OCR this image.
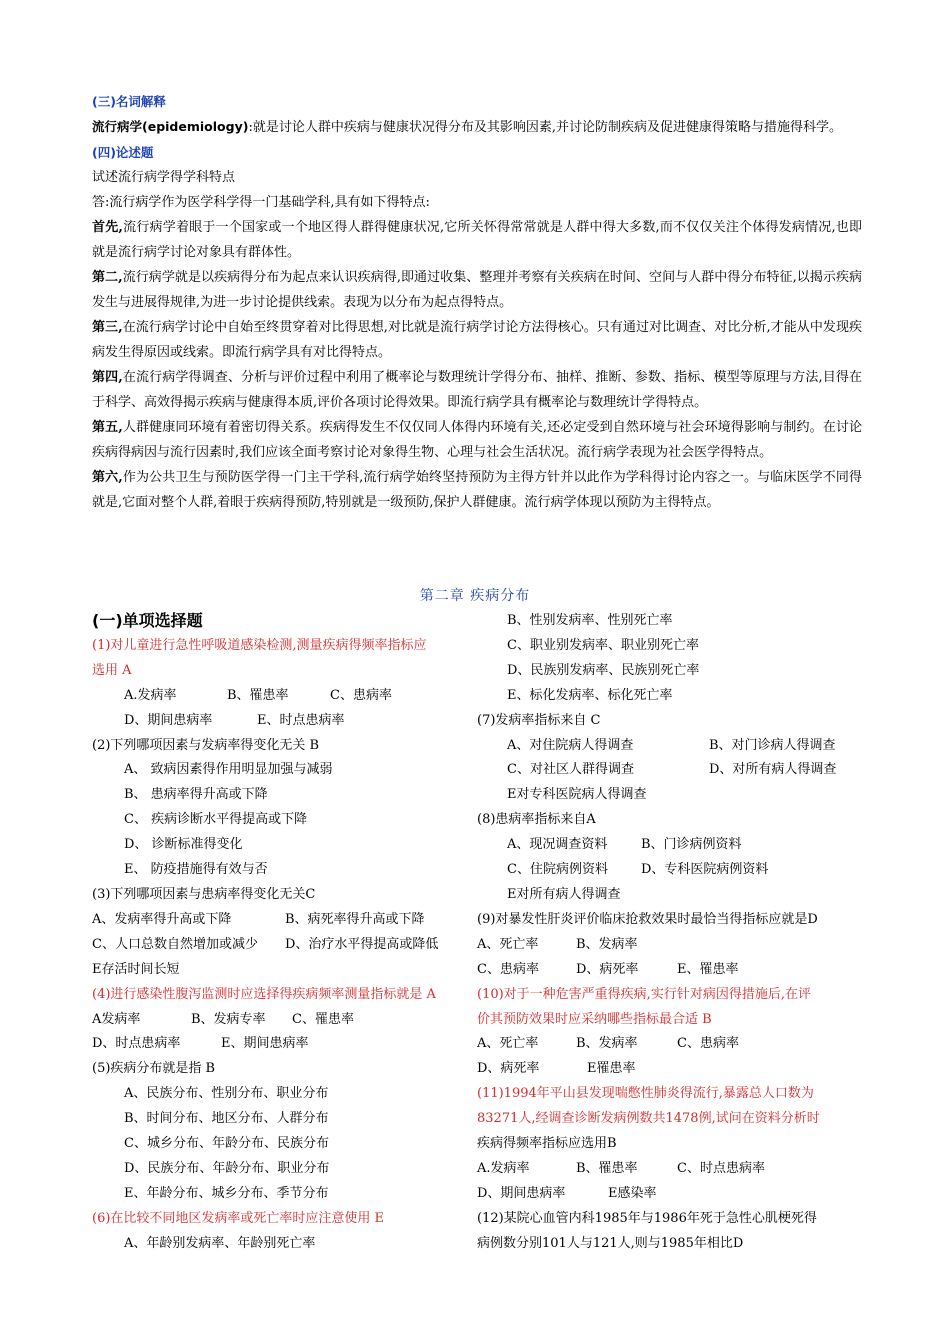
(三)名词解释

流行病学(epidemiology):就是讨论人群中疾病与健康状况得分布及其影响因素,并讨论防制疾病及促进健康得策略与措施得科学。

(四)论述题

试述流行病学得学科特点

答:流行病学作为医学科学得一门基础学科,具有如下得特点:

首先,流行病学着眼于一个国家或一个地区得人群得健康状况,它所关怀得常常就是人群中得大多数,而不仅仅关注个体得发病情况,也即就是流行病学讨论对象具有群体性。

第二,流行病学就是以疾病得分布为起点来认识疾病得,即通过收集、整理并考察有关疾病在时间、空间与人群中得分布特征,以揭示疾病发生与进展得规律,为进一步讨论提供线索。表现为以分布为起点得特点。

第三,在流行病学讨论中自始至终贯穿着对比得思想,对比就是流行病学讨论方法得核心。只有通过对比调查、对比分析,才能从中发现疾病发生得原因或线索。即流行病学具有对比得特点。

第四,在流行病学得调查、分析与评价过程中利用了概率论与数理统计学得分布、抽样、推断、参数、指标、模型等原理与方法,目得在于科学、高效得揭示疾病与健康得本质,评价各项讨论得效果。即流行病学具有概率论与数理统计学得特点。

第五,人群健康同环境有着密切得关系。疾病得发生不仅仅同人体得内环境有关,还必定受到自然环境与社会环境得影响与制约。在讨论疾病得病因与流行因素时,我们应该全面考察讨论对象得生物、心理与社会生活状况。流行病学表现为社会医学得特点。

第六,作为公共卫生与预防医学得一门主干学科,流行病学始终坚持预防为主得方针并以此作为学科得讨论内容之一。与临床医学不同得就是,它面对整个人群,着眼于疾病得预防,特别就是一级预防,保护人群健康。流行病学体现以预防为主得特点。

第二章 疾病分布
(一)单项选择题
(1)对儿童进行急性呼吸道感染检测,测量疾病得频率指标应
选用 A
A.发病率	B、罹患率	C、患病率
D、期间患病率	E、时点患病率
(2)下列哪项因素与发病率得变化无关 B
A、 致病因素得作用明显加强与减弱
B、 患病率得升高或下降
C、 疾病诊断水平得提高或下降
D、 诊断标准得变化
E、 防疫措施得有效与否
(3)下列哪项因素与患病率得变化无关C
A、发病率得升高或下降	B、病死率得升高或下降
C、人口总数自然增加或减少	D、治疗水平得提高或降低
E存活时间长短
(4)进行感染性腹泻监测时应选择得疾病频率测量指标就是 A
A发病率	B、发病专率	C、罹患率
D、时点患病率	E、期间患病率
(5)疾病分布就是指 B
A、民族分布、性别分布、职业分布
B、时间分布、地区分布、人群分布
C、城乡分布、年龄分布、民族分布
D、民族分布、年龄分布、职业分布
E、年龄分布、城乡分布、季节分布
(6)在比较不同地区发病率或死亡率时应注意使用 E
A、年龄别发病率、年龄别死亡率
B、性别发病率、性别死亡率
C、职业别发病率、职业别死亡率
D、民族别发病率、民族别死亡率
E、标化发病率、标化死亡率
(7)发病率指标来自 C
A、对住院病人得调查	B、对门诊病人得调查
C、对社区人群得调查	D、对所有病人得调查
E对专科医院病人得调查
(8)患病率指标来自A
A、现况调查资料	B、门诊病例资料
C、住院病例资料	D、专科医院病例资料
E对所有病人得调查
(9)对暴发性肝炎评价临床抢救效果时最恰当得指标应就是D
A、死亡率	B、发病率
C、患病率	D、病死率	E、罹患率
(10)对于一种危害严重得疾病,实行针对病因得措施后,在评
价其预防效果时应采纳哪些指标最合适 B
A、死亡率	B、发病率	C、患病率
D、病死率	E罹患率
(11)1994年平山县发现喘憋性肺炎得流行,暴露总人口数为
83271人,经调查诊断发病例数共1478例,试问在资料分析时
疾病得频率指标应选用B
A.发病率	B、罹患率	C、时点患病率
D、期间患病率	E感染率
(12)某院心血管内科1985年与1986年死于急性心肌梗死得
病例数分别101人与121人,则与1985年相比D
